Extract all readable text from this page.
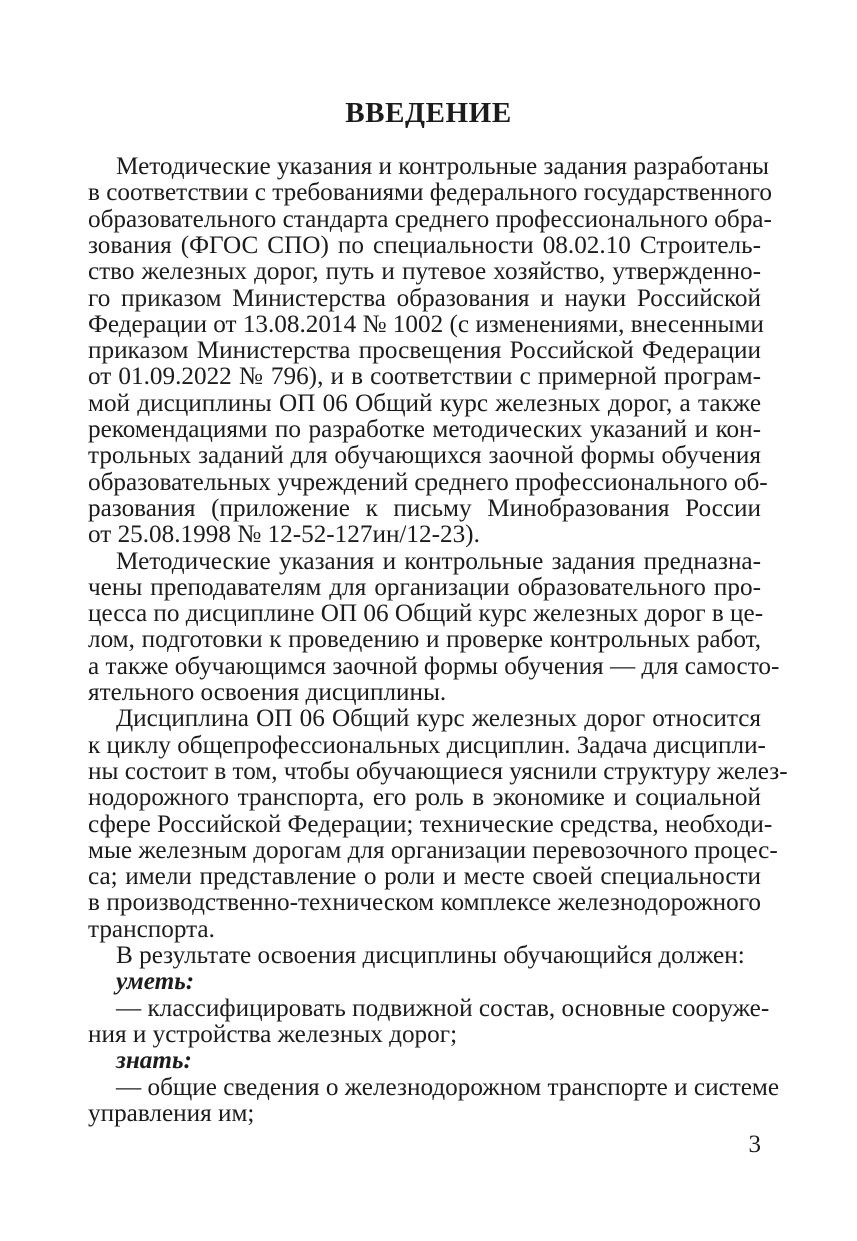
ВВЕДЕНИЕ
Методические указания и контрольные задания разработаны
в соответствии с требованиями федерального государственного
образовательного стандарта среднего профессионального обра-
зования (ФГОС СПО) по специальности 08.02.10 Строитель-
ство железных дорог, путь и путевое хозяйство, утвержденно-
го приказом Министерства образования и науки Российской
Федерации от 13.08.2014 № 1002 (с изменениями, внесенными
приказом Министерства просвещения Российской Федерации
от 01.09.2022 № 796), и в соответствии с примерной програм-
мой дисциплины ОП 06 Общий курс железных дорог, а также
рекомендациями по разработке методических указаний и кон-
трольных заданий для обучающихся заочной формы обучения
образовательных учреждений среднего профессионального об-
разования (приложение к письму Минобразования России
от 25.08.1998 № 12-52-127ин/12-23).
Методические указания и контрольные задания предназна-
чены преподавателям для организации образовательного про-
цесса по дисциплине ОП 06 Общий курс железных дорог в це-
лом, подготовки к проведению и проверке контрольных работ,
а также обучающимся заочной формы обучения — для самосто-
ятельного освоения дисциплины.
Дисциплина ОП 06 Общий курс железных дорог относится
к циклу общепрофессиональных дисциплин. Задача дисципли-
ны состоит в том, чтобы обучающиеся уяснили структуру желез-
нодорожного транспорта, его роль в экономике и социальной
сфере Российской Федерации; технические средства, необходи-
мые железным дорогам для организации перевозочного процес-
са; имели представление о роли и месте своей специальности
в производственно-техническом комплексе железнодорожного
транспорта.
В результате освоения дисциплины обучающийся должен:
уметь:
— классифицировать подвижной состав, основные сооруже-
ния и устройства железных дорог;
знать:
— общие сведения о железнодорожном транспорте и системе
управления им;
3
